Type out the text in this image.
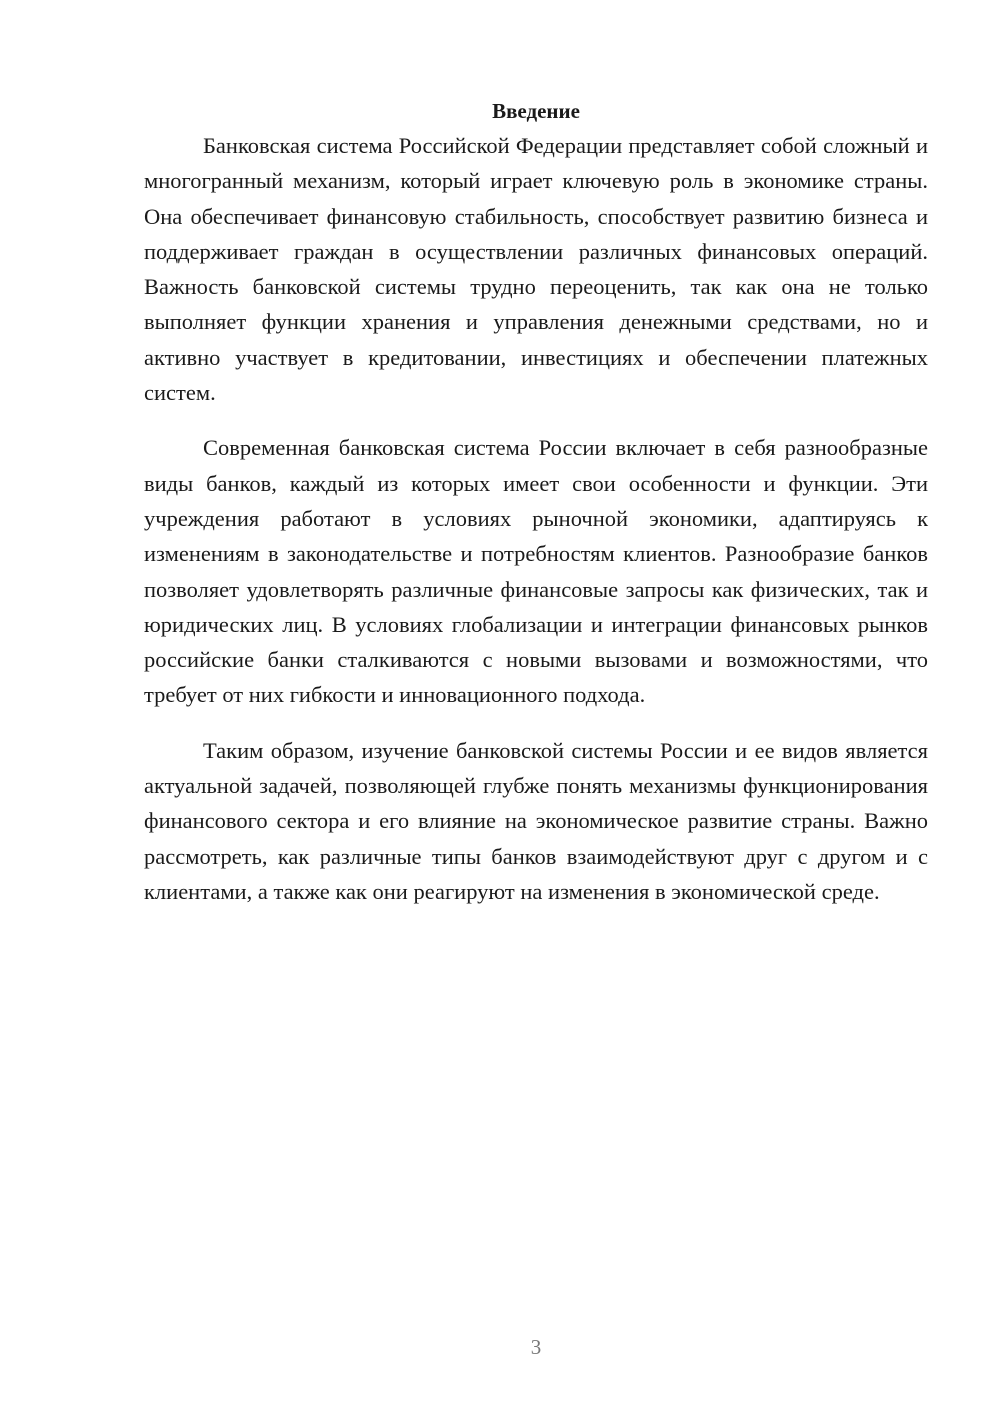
Введение

Банковская система Российской Федерации представляет собой сложный и многогранный механизм, который играет ключевую роль в экономике страны. Она обеспечивает финансовую стабильность, способствует развитию бизнеса и поддерживает граждан в осуществлении различных финансовых операций. Важность банковской системы трудно переоценить, так как она не только выполняет функции хранения и управления денежными средствами, но и активно участвует в кредитовании, инвестициях и обеспечении платежных систем.

Современная банковская система России включает в себя разнообразные виды банков, каждый из которых имеет свои особенности и функции. Эти учреждения работают в условиях рыночной экономики, адаптируясь к изменениям в законодательстве и потребностям клиентов. Разнообразие банков позволяет удовлетворять различные финансовые запросы как физических, так и юридических лиц. В условиях глобализации и интеграции финансовых рынков российские банки сталкиваются с новыми вызовами и возможностями, что требует от них гибкости и инновационного подхода.

Таким образом, изучение банковской системы России и ее видов является актуальной задачей, позволяющей глубже понять механизмы функционирования финансового сектора и его влияние на экономическое развитие страны. Важно рассмотреть, как различные типы банков взаимодействуют друг с другом и с клиентами, а также как они реагируют на изменения в экономической среде.

3
